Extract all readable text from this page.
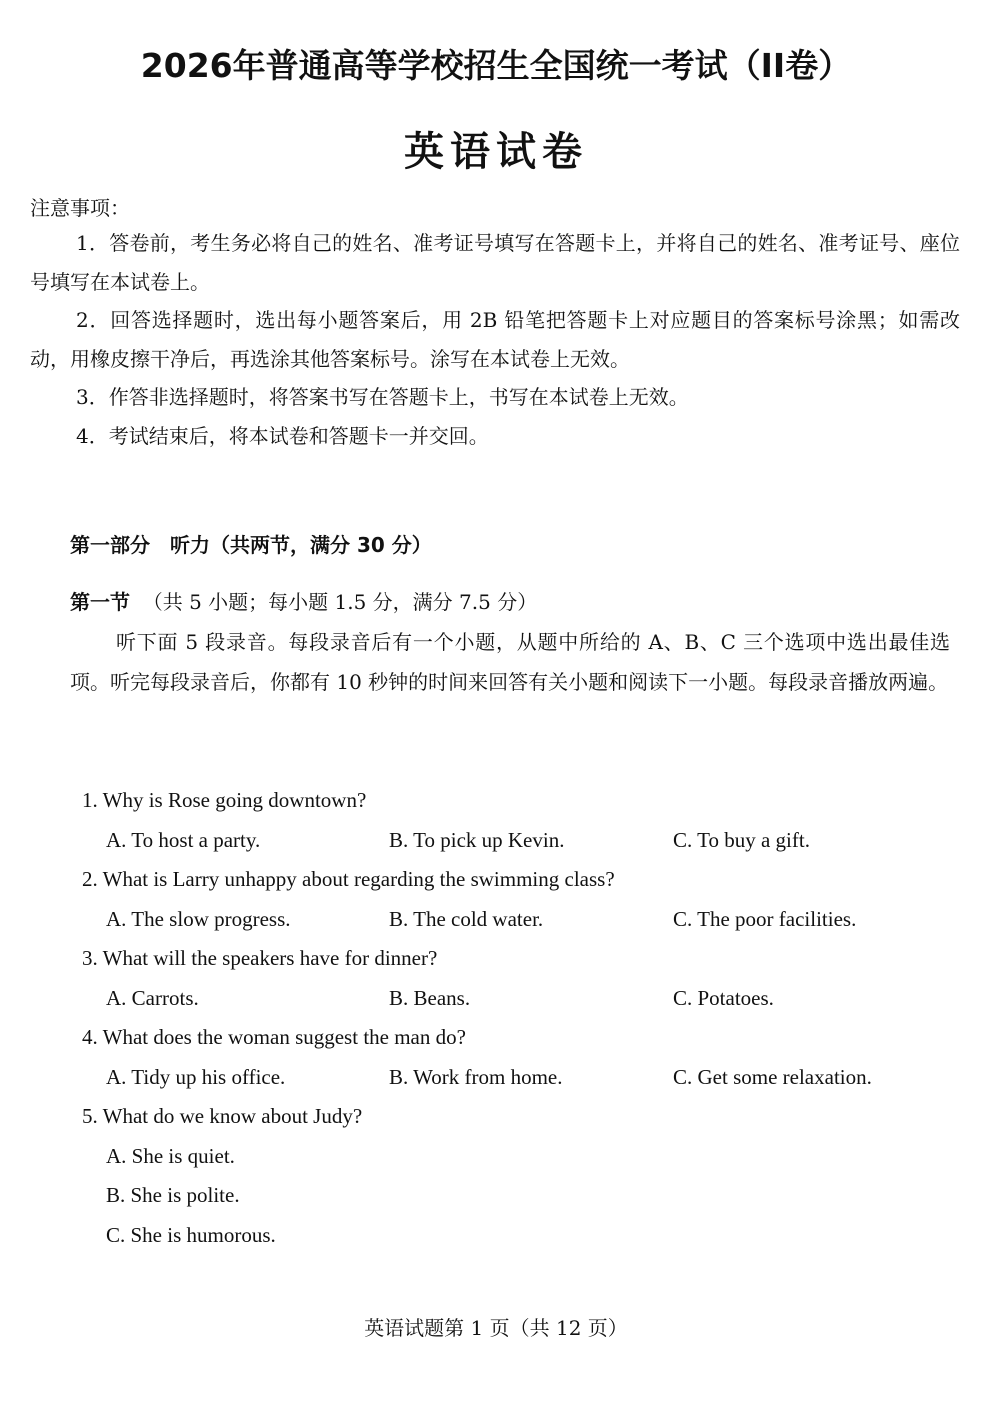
2026年普通高等学校招生全国统一考试（II卷）
英语试卷
注意事项：

1．答卷前，考生务必将自己的姓名、准考证号填写在答题卡上，并将自己的姓名、准考证号、座位号填写在本试卷上。

2．回答选择题时，选出每小题答案后，用 2B 铅笔把答题卡上对应题目的答案标号涂黑；如需改动，用橡皮擦干净后，再选涂其他答案标号。涂写在本试卷上无效。

3．作答非选择题时，将答案书写在答题卡上，书写在本试卷上无效。

4．考试结束后，将本试卷和答题卡一并交回。

第一部分　听力（共两节，满分 30 分）
第一节 （共 5 小题；每小题 1.5 分，满分 7.5 分）

听下面 5 段录音。每段录音后有一个小题，从题中所给的 A、B、C 三个选项中选出最佳选项。听完每段录音后，你都有 10 秒钟的时间来回答有关小题和阅读下一小题。每段录音播放两遍。

1. Why is Rose going downtown?
A. To host a party.	B. To pick up Kevin.	C. To buy a gift.
2. What is Larry unhappy about regarding the swimming class?
A. The slow progress.	B. The cold water.	C. The poor facilities.
3. What will the speakers have for dinner?
A. Carrots.	B. Beans.	C. Potatoes.
4. What does the woman suggest the man do?
A. Tidy up his office.	B. Work from home.	C. Get some relaxation.
5. What do we know about Judy?
A. She is quiet.
B. She is polite.
C. She is humorous.
英语试题第 1 页（共 12 页）
